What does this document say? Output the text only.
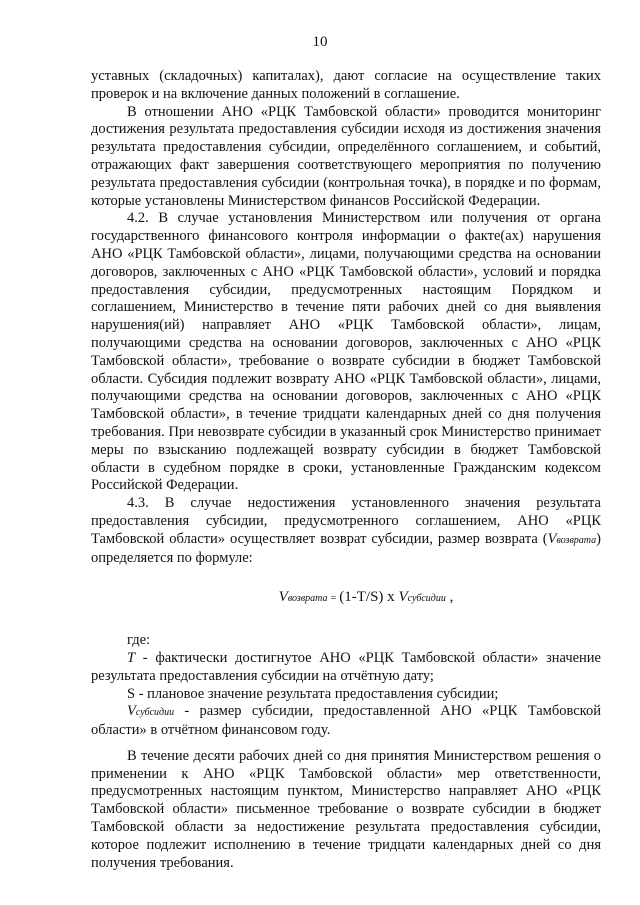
10

уставных (складочных) капиталах), дают согласие на осуществление таких проверок и на включение данных положений в соглашение.

В отношении АНО «РЦК Тамбовской области» проводится мониторинг достижения результата предоставления субсидии исходя из достижения значения результата предоставления субсидии, определённого соглашением, и событий, отражающих факт завершения соответствующего мероприятия по получению результата предоставления субсидии (контрольная точка), в порядке и по формам, которые установлены Министерством финансов Российской Федерации.

4.2. В случае установления Министерством или получения от органа государственного финансового контроля информации о факте(ах) нарушения АНО «РЦК Тамбовской области», лицами, получающими средства на основании договоров, заключенных с АНО «РЦК Тамбовской области», условий и порядка предоставления субсидии, предусмотренных настоящим Порядком и соглашением, Министерство в течение пяти рабочих дней со дня выявления нарушения(ий) направляет АНО «РЦК Тамбовской области», лицам, получающими средства на основании договоров, заключенных с АНО «РЦК Тамбовской области», требование о возврате субсидии в бюджет Тамбовской области. Субсидия подлежит возврату АНО «РЦК Тамбовской области», лицами, получающими средства на основании договоров, заключенных с АНО «РЦК Тамбовской области», в течение тридцати календарных дней со дня получения требования. При невозврате субсидии в указанный срок Министерство принимает меры по взысканию подлежащей возврату субсидии в бюджет Тамбовской области в судебном порядке в сроки, установленные Гражданским кодексом Российской Федерации.

4.3. В случае недостижения установленного значения результата предоставления субсидии, предусмотренного соглашением, АНО «РЦК Тамбовской области» осуществляет возврат субсидии, размер возврата (Vвозврата) определяется по формуле:

Vвозврата = (1-T/S) x Vсубсидии ,

где:

Т - фактически достигнутое АНО «РЦК Тамбовской области» значение результата предоставления субсидии на отчётную дату;

S - плановое значение результата предоставления субсидии;

Vсубсидии - размер субсидии, предоставленной АНО «РЦК Тамбовской области» в отчётном финансовом году.

В течение десяти рабочих дней со дня принятия Министерством решения о применении к АНО «РЦК Тамбовской области» мер ответственности, предусмотренных настоящим пунктом, Министерство направляет АНО «РЦК Тамбовской области» письменное требование о возврате субсидии в бюджет Тамбовской области за недостижение результата предоставления субсидии, которое подлежит исполнению в течение тридцати календарных дней со дня получения требования.
